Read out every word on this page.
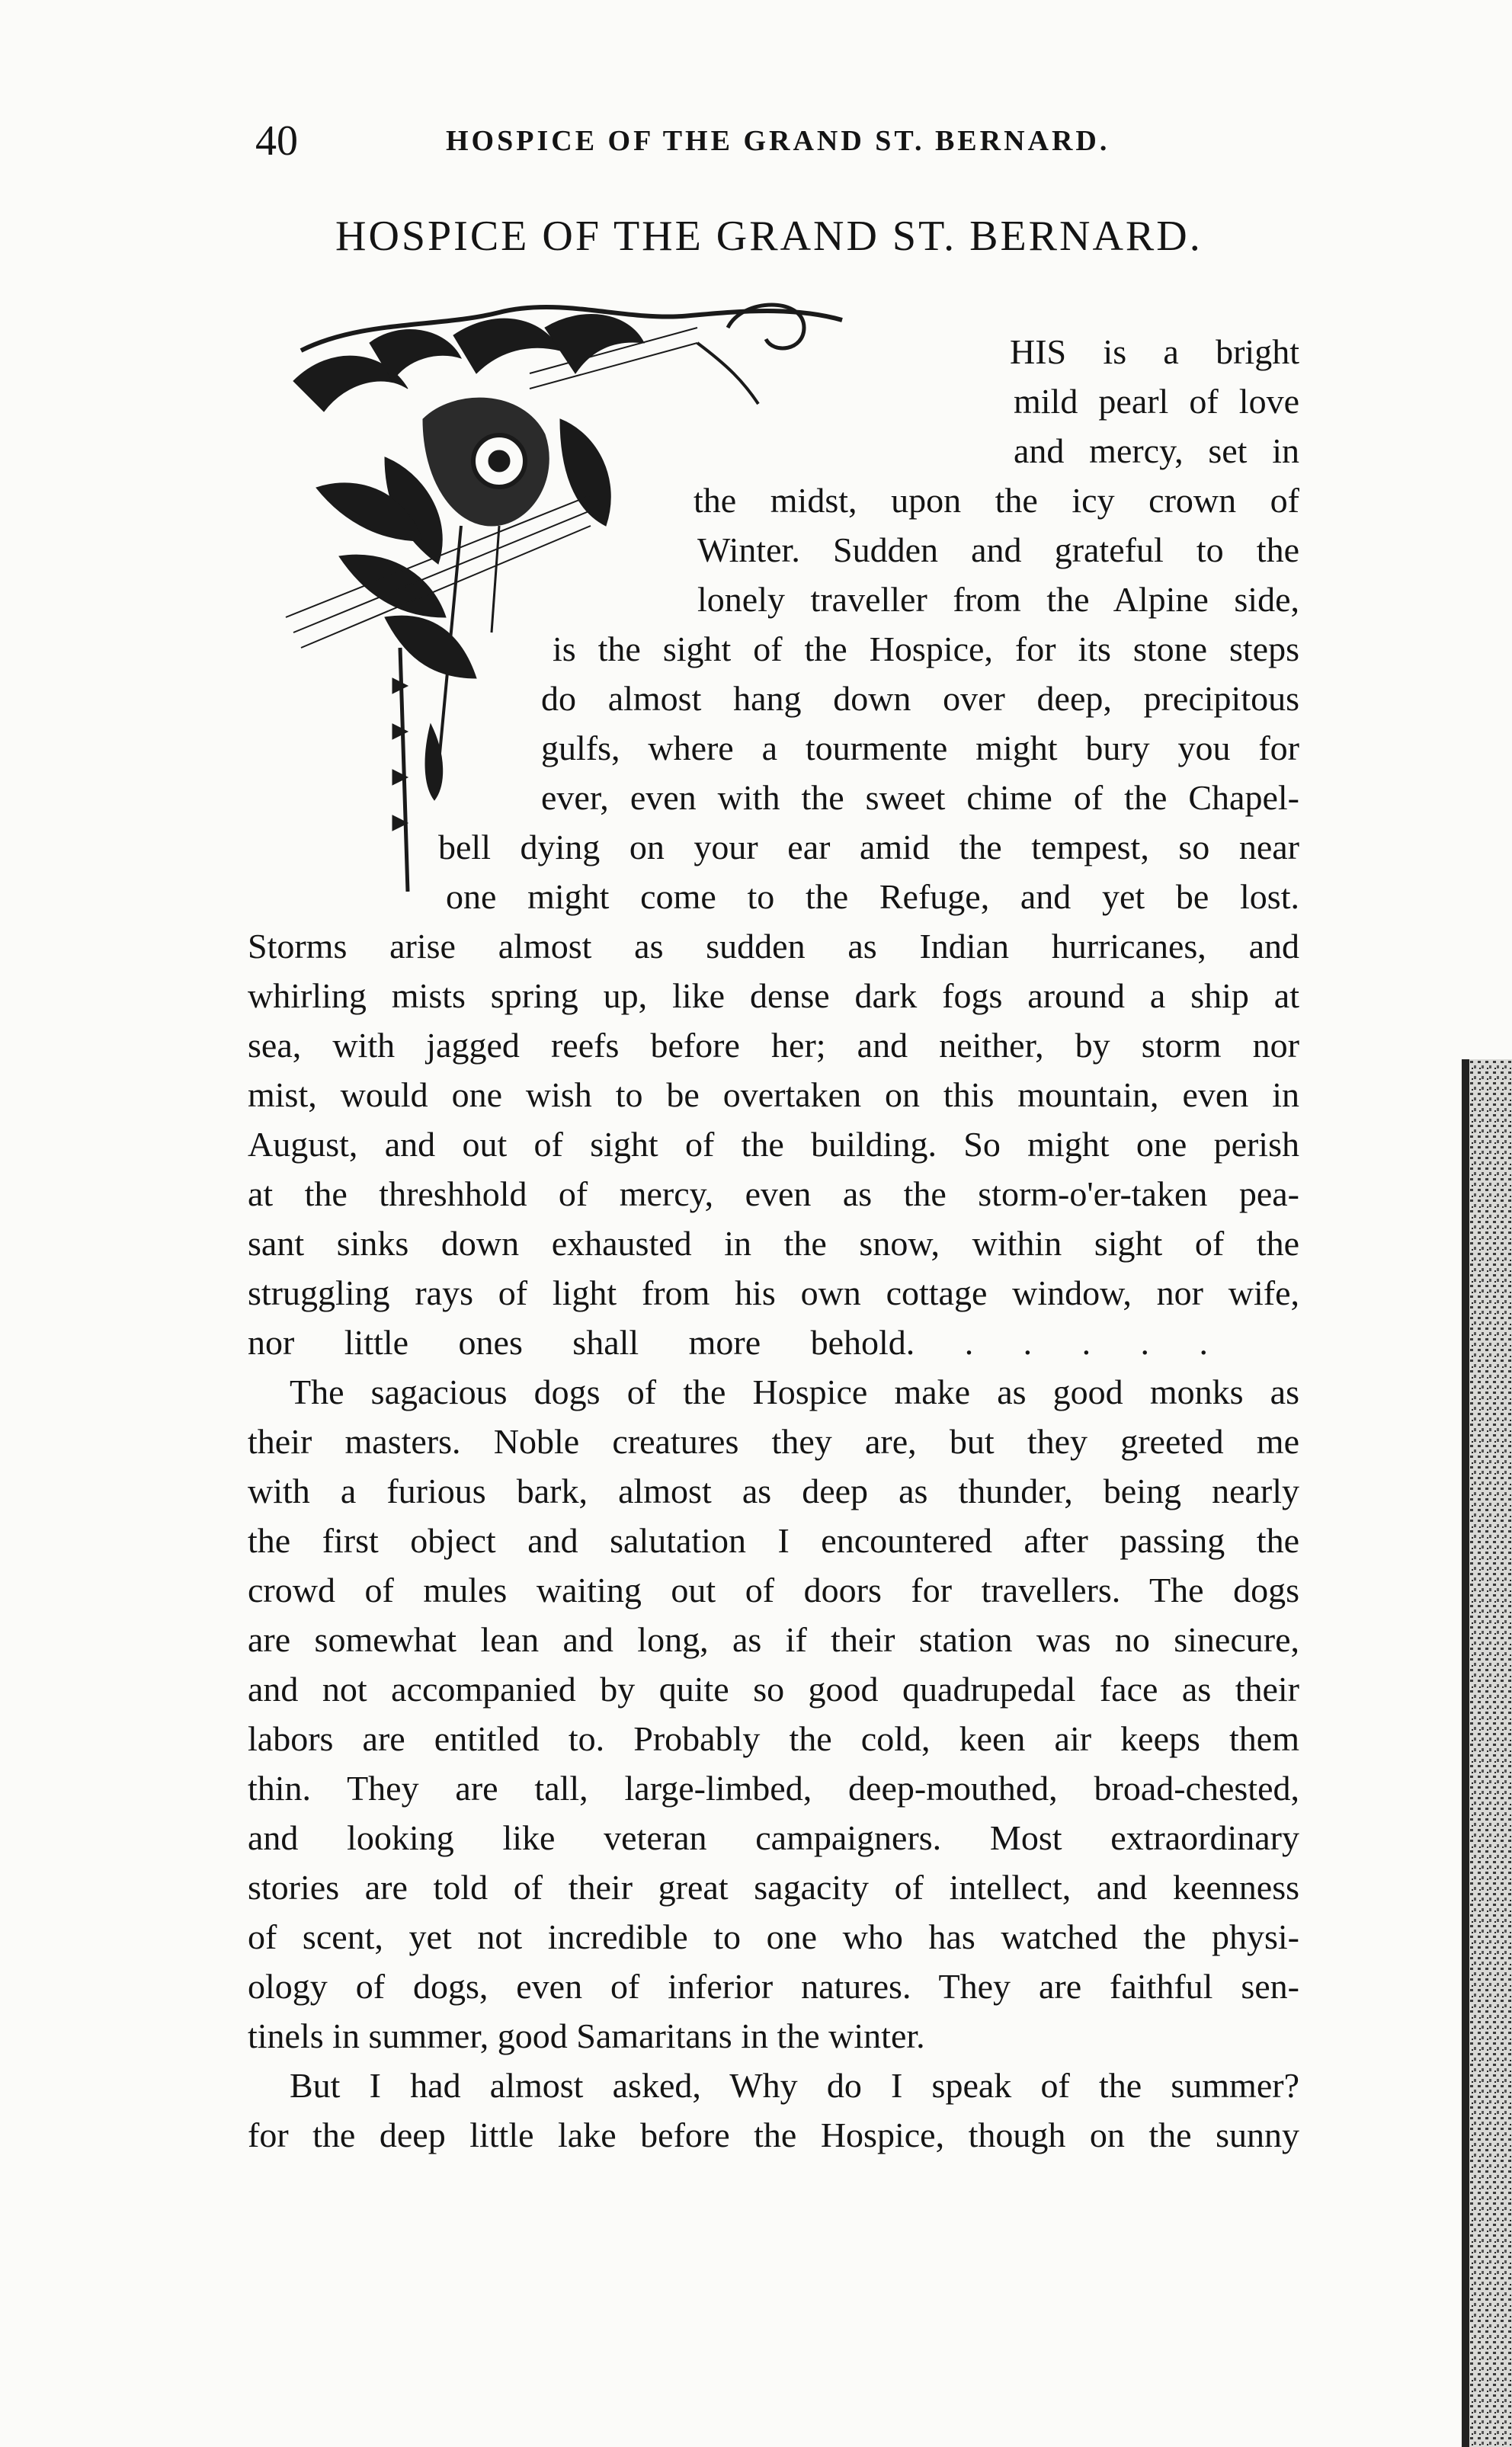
40	HOSPICE OF THE GRAND ST. BERNARD.
HOSPICE OF THE GRAND ST. BERNARD.
HIS is a bright
mild pearl of love
and mercy, set in
the midst, upon the icy crown of
Winter. Sudden and grateful to the
lonely traveller from the Alpine side,
is the sight of the Hospice, for its stone steps
do almost hang down over deep, precipitous
gulfs, where a tourmente might bury you for
ever, even with the sweet chime of the Chapel-
bell dying on your ear amid the tempest, so near
one might come to the Refuge, and yet be lost.
Storms arise almost as sudden as Indian hurricanes, and
whirling mists spring up, like dense dark fogs around a ship at
sea, with jagged reefs before her; and neither, by storm nor
mist, would one wish to be overtaken on this mountain, even in
August, and out of sight of the building. So might one perish
at the threshhold of mercy, even as the storm-o'er-taken pea-
sant sinks down exhausted in the snow, within sight of the
struggling rays of light from his own cottage window, nor wife,
nor little ones shall more behold. . . . . .
The sagacious dogs of the Hospice make as good monks as
their masters. Noble creatures they are, but they greeted me
with a furious bark, almost as deep as thunder, being nearly
the first object and salutation I encountered after passing the
crowd of mules waiting out of doors for travellers. The dogs
are somewhat lean and long, as if their station was no sinecure,
and not accompanied by quite so good quadrupedal face as their
labors are entitled to. Probably the cold, keen air keeps them
thin. They are tall, large-limbed, deep-mouthed, broad-chested,
and looking like veteran campaigners. Most extraordinary
stories are told of their great sagacity of intellect, and keenness
of scent, yet not incredible to one who has watched the physi-
ology of dogs, even of inferior natures. They are faithful sen-
tinels in summer, good Samaritans in the winter.
But I had almost asked, Why do I speak of the summer?
for the deep little lake before the Hospice, though on the sunny
